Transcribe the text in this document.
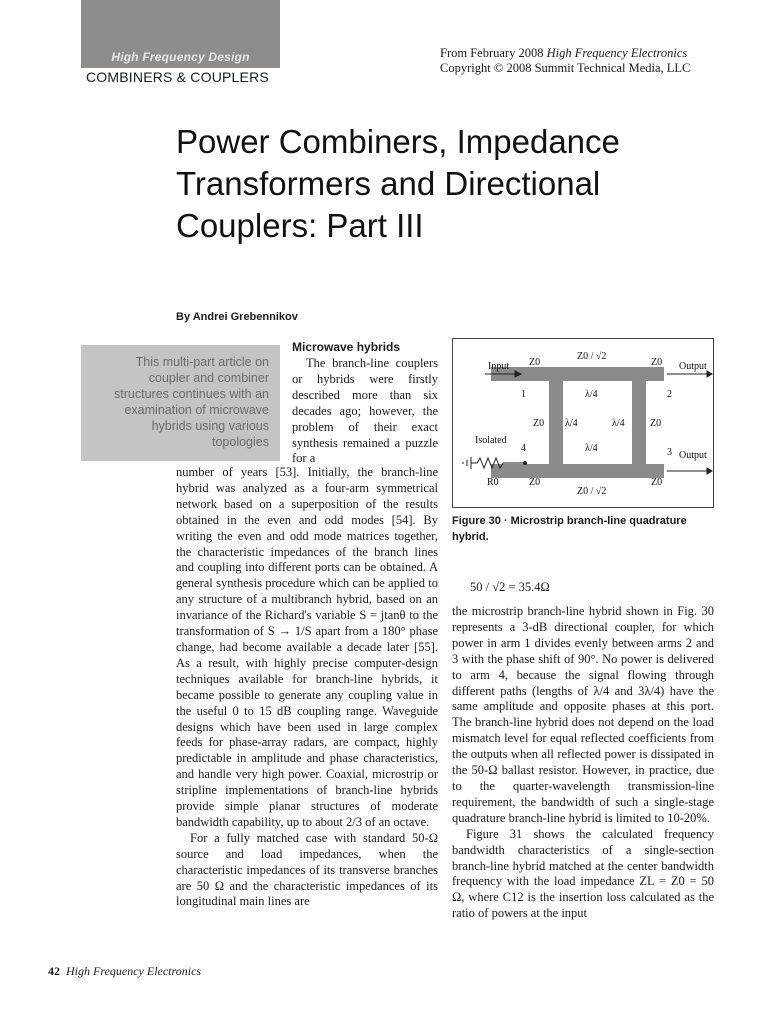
High Frequency Design
COMBINERS & COUPLERS
From February 2008 High Frequency Electronics
Copyright © 2008 Summit Technical Media, LLC
Power Combiners, Impedance Transformers and Directional Couplers: Part III
By Andrei Grebennikov
This multi-part article on coupler and combiner structures continues with an examination of microwave hybrids using various topologies
Microwave hybrids

The branch-line couplers or hybrids were firstly described more than six decades ago; however, the problem of their exact synthesis remained a puzzle for a

number of years [53]. Initially, the branch-line hybrid was analyzed as a four-arm symmetrical network based on a superposition of the results obtained in the even and odd modes [54]. By writing the even and odd mode matrices together, the characteristic impedances of the branch lines and coupling into different ports can be obtained. A general synthesis procedure which can be applied to any structure of a multibranch hybrid, based on an invariance of the Richard's variable S = jtanθ to the transformation of S → 1/S apart from a 180° phase change, had become available a decade later [55]. As a result, with highly precise computer-design techniques available for branch-line hybrids, it became possible to generate any coupling value in the useful 0 to 15 dB coupling range. Waveguide designs which have been used in large complex feeds for phase-array radars, are compact, highly predictable in amplitude and phase characteristics, and handle very high power. Coaxial, microstrip or stripline implementations of branch-line hybrids provide simple planar structures of moderate bandwidth capability, up to about 2/3 of an octave.

For a fully matched case with standard 50-Ω source and load impedances, when the characteristic impedances of its transverse branches are 50 Ω and the characteristic impedances of its longitudinal main lines are

Input	Output
Output
Isolated
Z0 / √2
Z0 / √2
Z0	Z0
Z0	Z0
Z0	Z0
λ/4
λ/4	λ/4
λ/4
1	2
3
4
R0
Figure 30 · Microstrip branch-line quadrature hybrid.
50 / √2 = 35.4Ω

the microstrip branch-line hybrid shown in Fig. 30 represents a 3-dB directional coupler, for which power in arm 1 divides evenly between arms 2 and 3 with the phase shift of 90°. No power is delivered to arm 4, because the signal flowing through different paths (lengths of λ/4 and 3λ/4) have the same amplitude and opposite phases at this port. The branch-line hybrid does not depend on the load mismatch level for equal reflected coefficients from the outputs when all reflected power is dissipated in the 50-Ω ballast resistor. However, in practice, due to the quarter-wavelength transmission-line requirement, the bandwidth of such a single-stage quadrature branch-line hybrid is limited to 10-20%.

Figure 31 shows the calculated frequency bandwidth characteristics of a single-section branch-line hybrid matched at the center bandwidth frequency with the load impedance ZL = Z0 = 50 Ω, where C12 is the insertion loss calculated as the ratio of powers at the input

42 High Frequency Electronics
